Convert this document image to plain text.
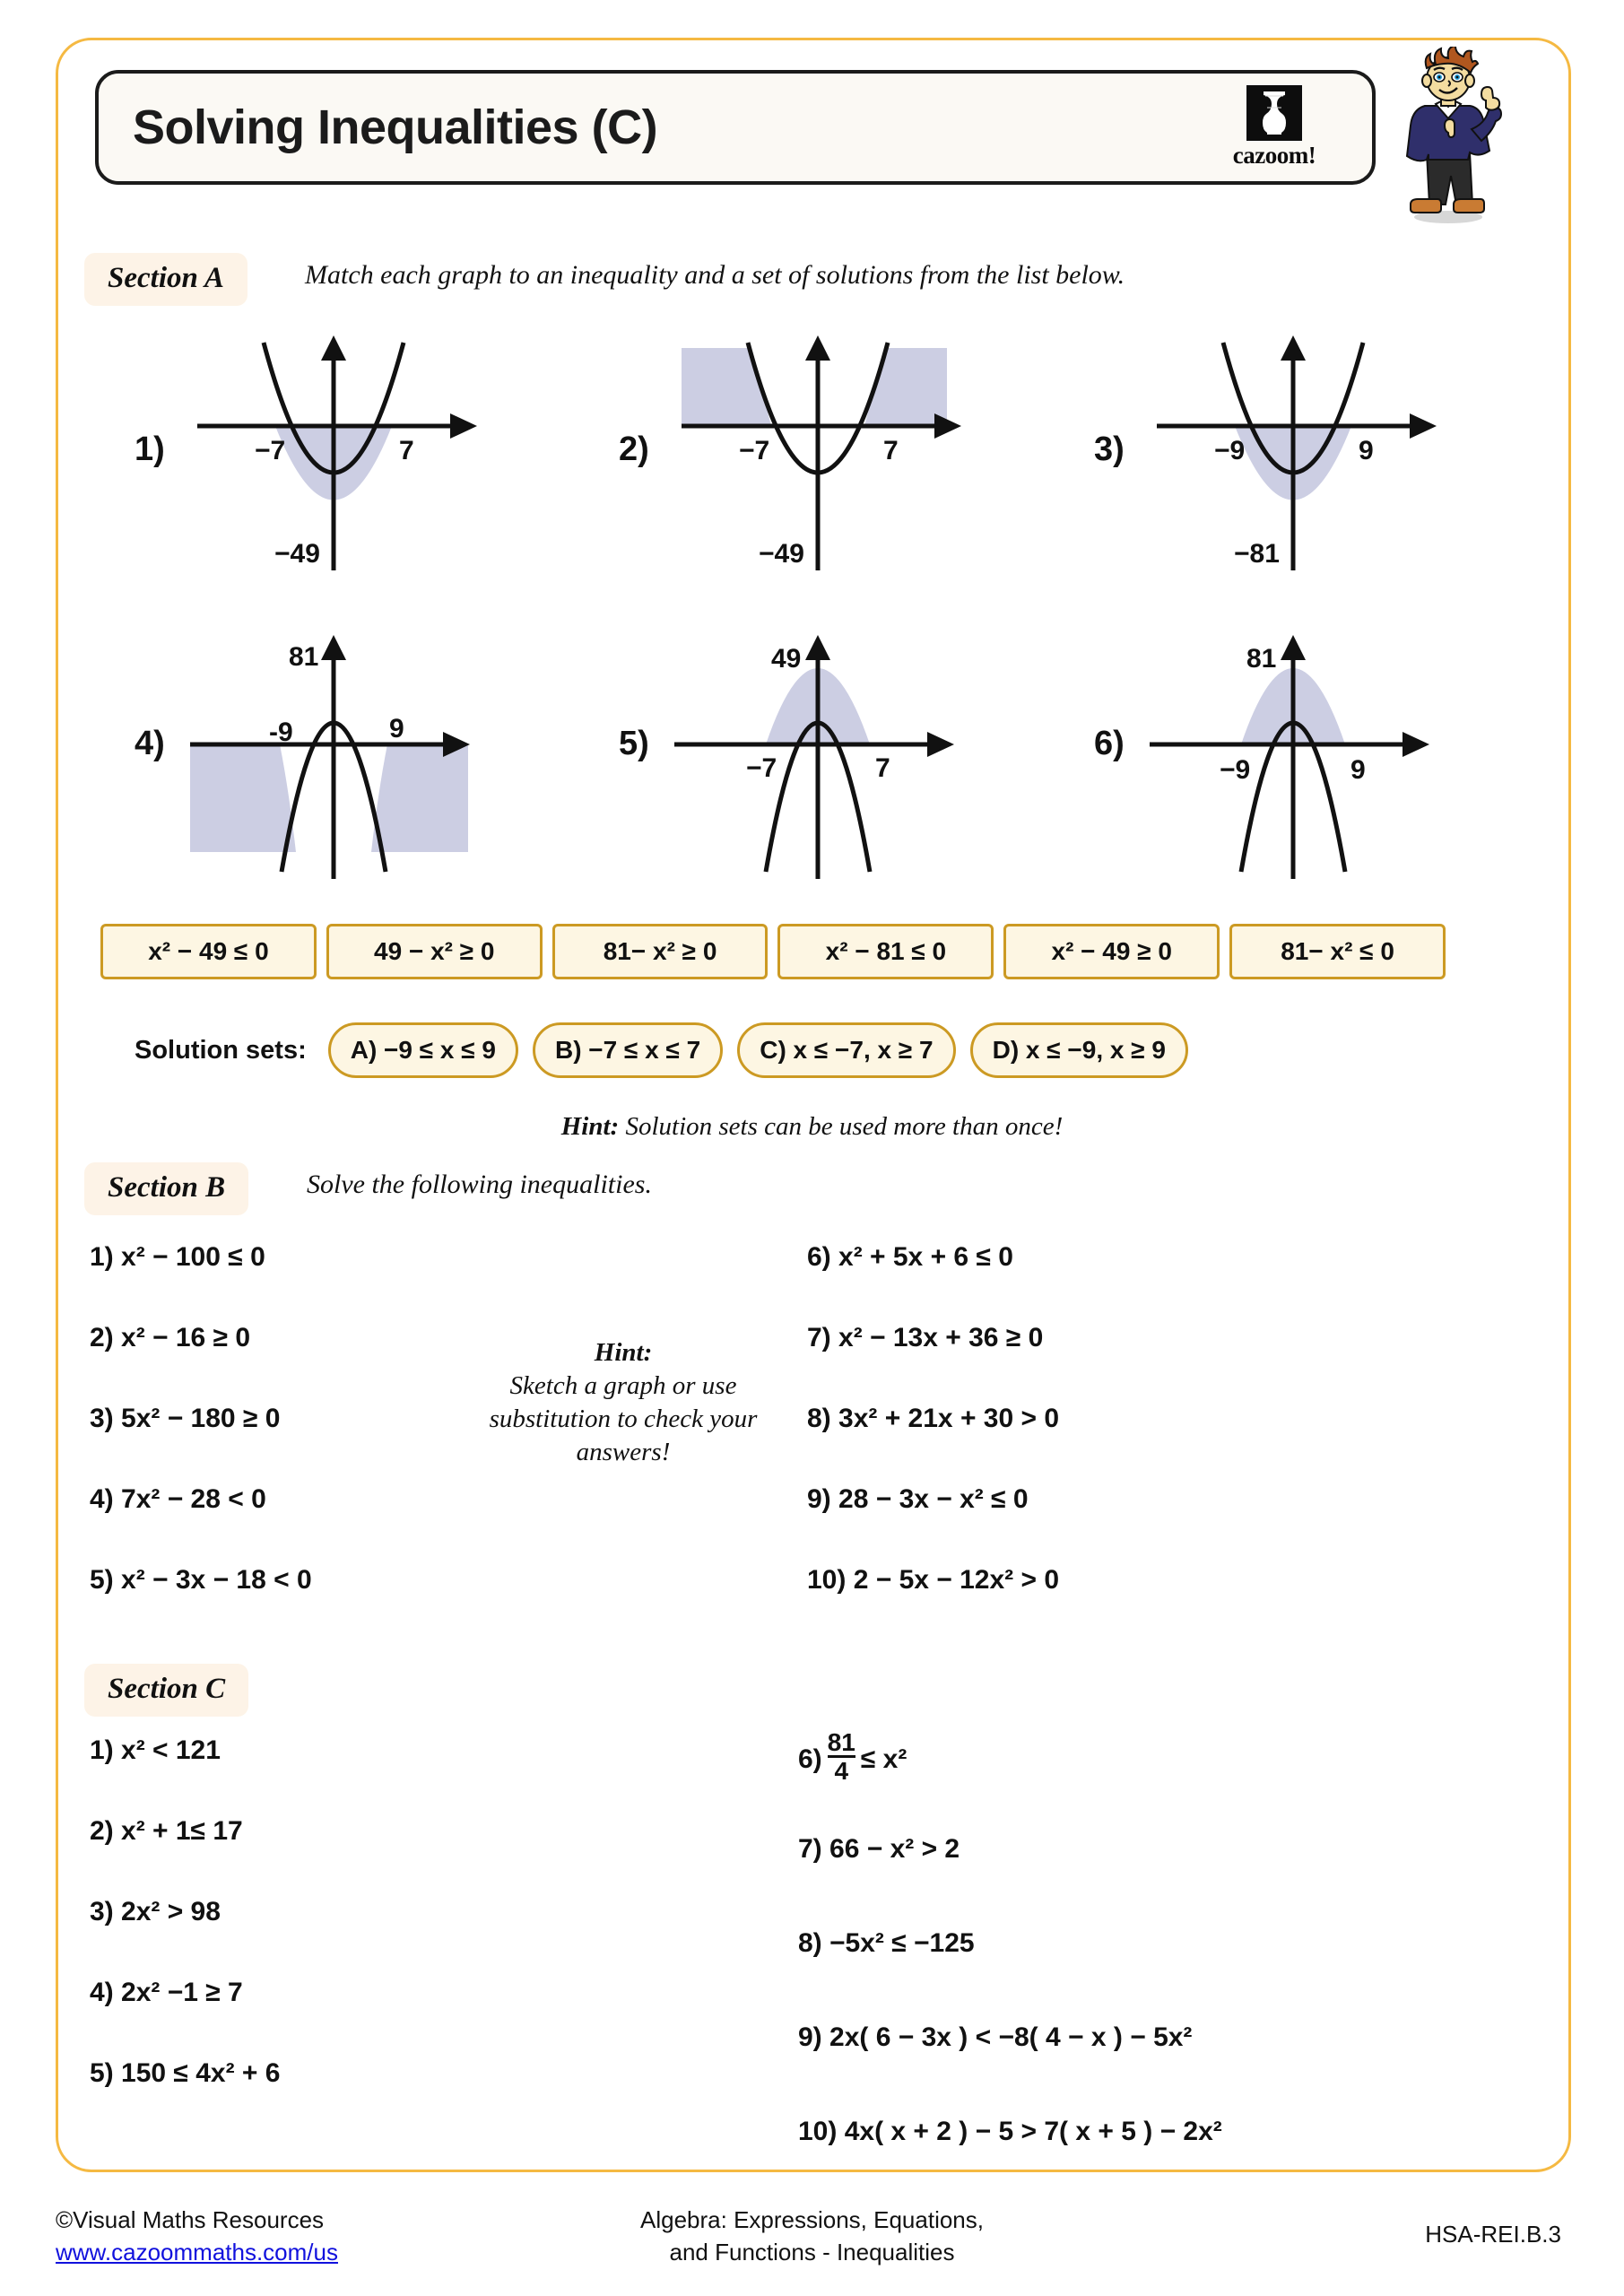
Solving Inequalities (C)
cazoom!
Section A	Match each graph to an inequality and a set of solutions from the list below.
1)	−7	7
−49
2)	−7	7
−49
3)	−9	9
−81
4)	-9	9
81
5)
−7	7
49
6)
−9	9
81
x² − 49 ≤ 0	49 − x² ≥ 0	81− x² ≥ 0	x² − 81 ≤ 0	x² − 49 ≥ 0	81− x² ≤ 0
Solution sets:	A) −9 ≤ x ≤ 9	B) −7 ≤ x ≤ 7	C) x ≤ −7, x ≥ 7	D) x ≤ −9, x ≥ 9
Hint: Solution sets can be used more than once!
Section B	Solve the following inequalities.
1) x² − 100 ≤ 0
2) x² − 16 ≥ 0
3) 5x² − 180 ≥ 0
4) 7x² − 28 < 0
5) x² − 3x − 18 < 0
6) x² + 5x + 6 ≤ 0
7) x² − 13x + 36 ≥ 0
8) 3x² + 21x + 30 > 0
9) 28 − 3x − x² ≤ 0
10) 2 − 5x − 12x² > 0
Hint:
Sketch a graph or use substitution to check your answers!
Section C
1) x² < 121
2) x² + 1≤ 17
3) 2x² > 98
4) 2x² −1 ≥ 7
5) 150 ≤ 4x² + 6
$6) \frac{81}{4} \le x^2$
7) 66 − x² > 2
8) −5x² ≤ −125
9) 2x( 6 − 3x ) < −8( 4 − x ) − 5x²
10) 4x( x + 2 ) − 5 > 7( x + 5 ) − 2x²
©Visual Maths Resources
www.cazoommaths.com/us
Algebra: Expressions, Equations,
and Functions - Inequalities
HSA-REI.B.3
